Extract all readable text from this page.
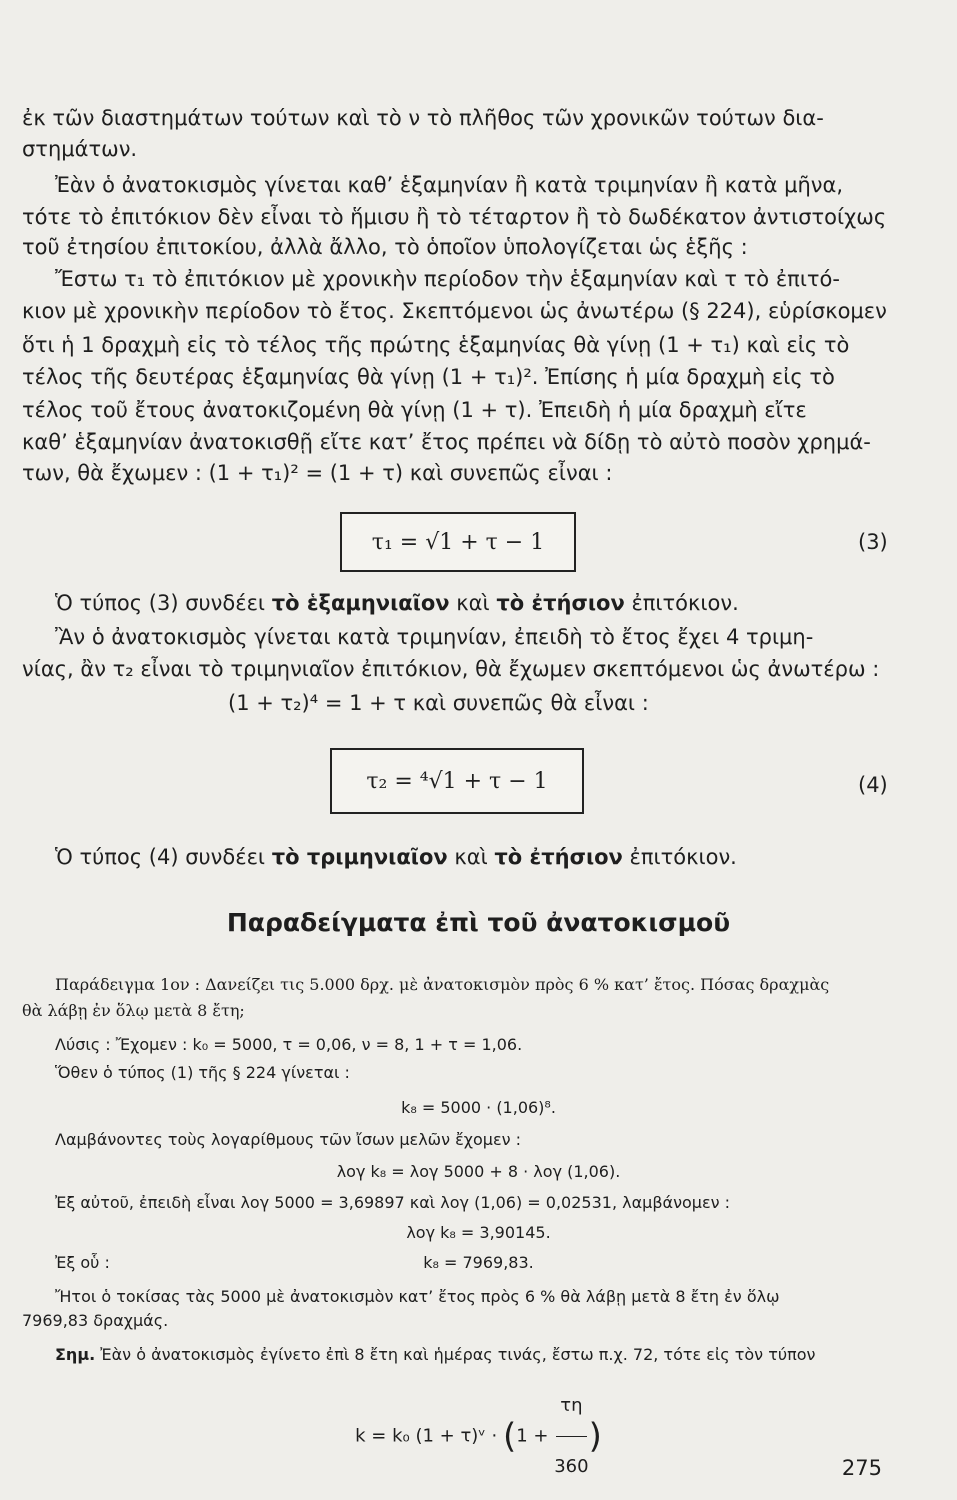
ἐκ τῶν διαστημάτων τούτων καὶ τὸ ν τὸ πλῆθος τῶν χρονικῶν τούτων δια-
στημάτων.
Ἐὰν ὁ ἀνατοκισμὸς γίνεται καθ’ ἑξαμηνίαν ἢ κατὰ τριμηνίαν ἢ κατὰ μῆνα,
τότε τὸ ἐπιτόκιον δὲν εἶναι τὸ ἥμισυ ἢ τὸ τέταρτον ἢ τὸ δωδέκατον ἀντιστοίχως
τοῦ ἐτησίου ἐπιτοκίου, ἀλλὰ ἄλλο, τὸ ὁποῖον ὑπολογίζεται ὡς ἑξῆς :
Ἔστω τ₁ τὸ ἐπιτόκιον μὲ χρονικὴν περίοδον τὴν ἑξαμηνίαν καὶ τ τὸ ἐπιτό-
κιον μὲ χρονικὴν περίοδον τὸ ἔτος. Σκεπτόμενοι ὡς ἀνωτέρω (§ 224), εὑρίσκομεν
ὅτι ἡ 1 δραχμὴ εἰς τὸ τέλος τῆς πρώτης ἑξαμηνίας θὰ γίνῃ (1 + τ₁) καὶ εἰς τὸ
τέλος τῆς δευτέρας ἑξαμηνίας θὰ γίνῃ (1 + τ₁)². Ἐπίσης ἡ μία δραχμὴ εἰς τὸ
τέλος τοῦ ἔτους ἀνατοκιζομένη θὰ γίνῃ (1 + τ). Ἐπειδὴ ἡ μία δραχμὴ εἴτε
καθ’ ἑξαμηνίαν ἀνατοκισθῇ εἴτε κατ’ ἔτος πρέπει νὰ δίδῃ τὸ αὐτὸ ποσὸν χρημά-
των, θὰ ἔχωμεν : (1 + τ₁)² = (1 + τ) καὶ συνεπῶς εἶναι :
τ₁ = √1 + τ − 1	(3)
Ὁ τύπος (3) συνδέει τὸ ἑξαμηνιαῖον καὶ τὸ ἐτήσιον ἐπιτόκιον.
Ἂν ὁ ἀνατοκισμὸς γίνεται κατὰ τριμηνίαν, ἐπειδὴ τὸ ἔτος ἔχει 4 τριμη-
νίας, ἂν τ₂ εἶναι τὸ τριμηνιαῖον ἐπιτόκιον, θὰ ἔχωμεν σκεπτόμενοι ὡς ἀνωτέρω :
(1 + τ₂)⁴ = 1 + τ καὶ συνεπῶς θὰ εἶναι :
τ₂ = ⁴√1 + τ − 1	(4)
Ὁ τύπος (4) συνδέει τὸ τριμηνιαῖον καὶ τὸ ἐτήσιον ἐπιτόκιον.
Παραδείγματα ἐπὶ τοῦ ἀνατοκισμοῦ
Παράδειγμα 1ον : Δανείζει τις 5.000 δρχ. μὲ ἀνατοκισμὸν πρὸς 6 % κατ’ ἔτος. Πόσας δραχμὰς
θὰ λάβῃ ἐν ὅλῳ μετὰ 8 ἔτη;
Λύσις : Ἔχομεν : k₀ = 5000, τ = 0,06, ν = 8, 1 + τ = 1,06.
Ὅθεν ὁ τύπος (1) τῆς § 224 γίνεται :
k₈ = 5000 · (1,06)⁸.
Λαμβάνοντες τοὺς λογαρίθμους τῶν ἴσων μελῶν ἔχομεν :
λογ k₈ = λογ 5000 + 8 · λογ (1,06).
Ἐξ αὐτοῦ, ἐπειδὴ εἶναι λογ 5000 = 3,69897 καὶ λογ (1,06) = 0,02531, λαμβάνομεν :
λογ k₈ = 3,90145.
Ἐξ οὗ :	k₈ = 7969,83.
Ἤτοι ὁ τοκίσας τὰς 5000 μὲ ἀνατοκισμὸν κατ’ ἔτος πρὸς 6 % θὰ λάβῃ μετὰ 8 ἔτη ἐν ὅλῳ
7969,83 δραχμάς.
Σημ. Ἐὰν ὁ ἀνατοκισμὸς ἐγίνετο ἐπὶ 8 ἔτη καὶ ἡμέρας τινάς, ἔστω π.χ. 72, τότε εἰς τὸν τύπον
k = k₀ (1 + τ)ᵛ · ($1 + \frac{\tau\eta}{360}$ )
275
